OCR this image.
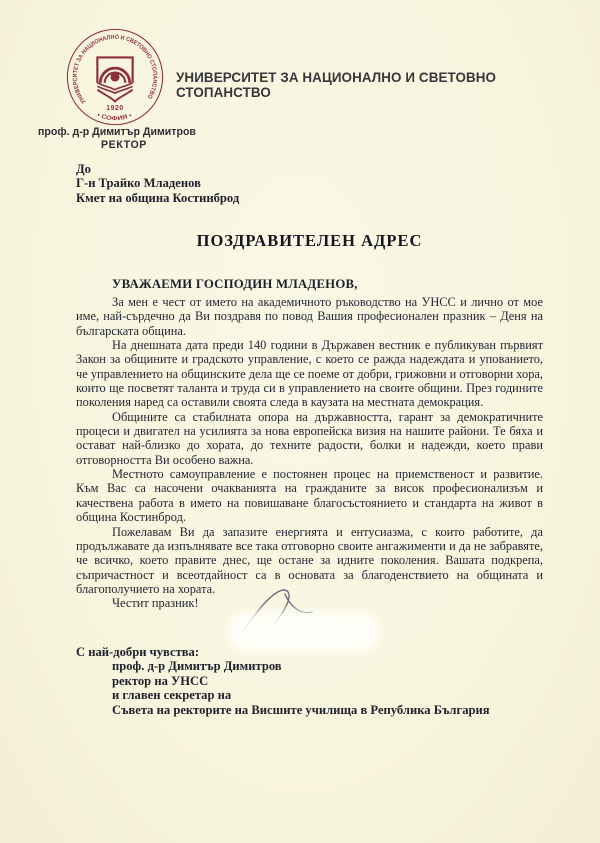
УНИВЕРСИТЕТ ЗА НАЦИОНАЛНО И СВЕТОВНО СТОПАНСТВО
• СОФИЯ •
1920
УНИВЕРСИТЕТ ЗА НАЦИОНАЛНО И СВЕТОВНО СТОПАНСТВО
проф. д-р Димитър Димитров
РЕКТОР
До
Г-н Трайко Младенов
Кмет на община Костинброд
ПОЗДРАВИТЕЛЕН АДРЕС
УВАЖАЕМИ ГОСПОДИН МЛАДЕНОВ,

За мен е чест от името на академичното ръководство на УНСС и лично от мое име, най-сърдечно да Ви поздравя по повод Вашия професионален празник – Деня на българската община.

На днешната дата преди 140 години в Държавен вестник е публикуван първият Закон за общините и градското управление, с което се ражда надеждата и упованието, че управлението на общинските дела ще се поеме от добри, грижовни и отговорни хора, които ще посветят таланта и труда си в управлението на своите общини. През годините поколения наред са оставили своята следа в каузата на местната демокрация.

Общините са стабилната опора на държавността, гарант за демократичните процеси и двигател на усилията за нова европейска визия на нашите райони. Те бяха и остават най-близко до хората, до техните радости, болки и надежди, което прави отговорността Ви особено важна.

Местното самоуправление е постоянен процес на приемственост и развитие. Към Вас са насочени очакванията на гражданите за висок професионализъм и качествена работа в името на повишаване благосъстоянието и стандарта на живот в община Костинброд.

Пожелавам Ви да запазите енергията и ентусиазма, с които работите, да продължавате да изпълнявате все така отговорно своите ангажименти и да не забравяте, че всичко, което правите днес, ще остане за идните поколения. Вашата подкрепа, съпричастност и всеотдайност са в основата за благоденствието на общината и благополучието на хората.

Честит празник!

С най-добри чувства:
проф. д-р Димитър Димитров
ректор на УНСС
и главен секретар на
Съвета на ректорите на Висшите училища в Република България
